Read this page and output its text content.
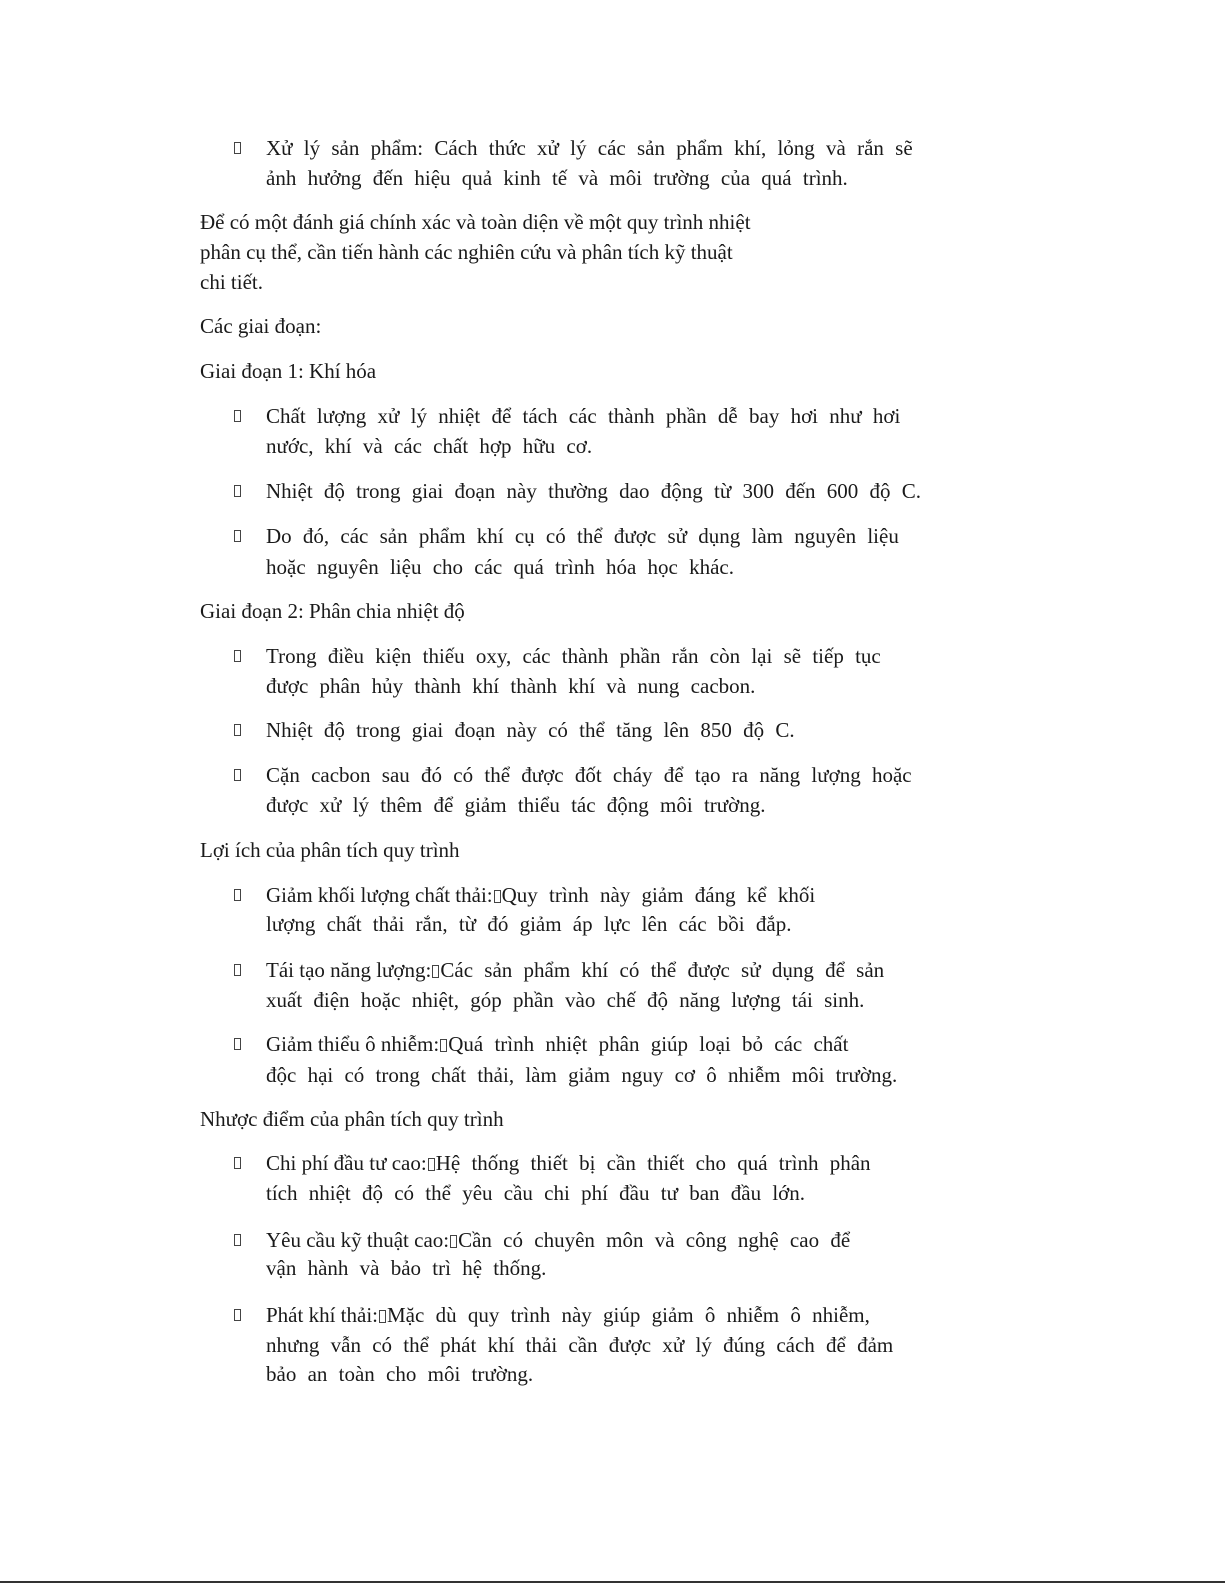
Xử lý sản phẩm: Cách thức xử lý các sản phẩm khí, lỏng và rắn sẽ

ảnh hưởng đến hiệu quả kinh tế và môi trường của quá trình.

Để có một đánh giá chính xác và toàn diện về một quy trình nhiệt

phân cụ thể, cần tiến hành các nghiên cứu và phân tích kỹ thuật

chi tiết.

Các giai đoạn:

Giai đoạn 1: Khí hóa

Chất lượng xử lý nhiệt để tách các thành phần dễ bay hơi như hơi

nước, khí và các chất hợp hữu cơ.

Nhiệt độ trong giai đoạn này thường dao động từ 300 đến 600 độ C.

Do đó, các sản phẩm khí cụ có thể được sử dụng làm nguyên liệu

hoặc nguyên liệu cho các quá trình hóa học khác.

Giai đoạn 2: Phân chia nhiệt độ

Trong điều kiện thiếu oxy, các thành phần rắn còn lại sẽ tiếp tục

được phân hủy thành khí thành khí và nung cacbon.

Nhiệt độ trong giai đoạn này có thể tăng lên 850 độ C.

Cặn cacbon sau đó có thể được đốt cháy để tạo ra năng lượng hoặc

được xử lý thêm để giảm thiểu tác động môi trường.

Lợi ích của phân tích quy trình

Giảm khối lượng chất thải: Quy trình này giảm đáng kể khối

lượng chất thải rắn, từ đó giảm áp lực lên các bồi đắp.

Tái tạo năng lượng: Các sản phẩm khí có thể được sử dụng để sản

xuất điện hoặc nhiệt, góp phần vào chế độ năng lượng tái sinh.

Giảm thiểu ô nhiễm: Quá trình nhiệt phân giúp loại bỏ các chất

độc hại có trong chất thải, làm giảm nguy cơ ô nhiễm môi trường.

Nhược điểm của phân tích quy trình

Chi phí đầu tư cao: Hệ thống thiết bị cần thiết cho quá trình phân

tích nhiệt độ có thể yêu cầu chi phí đầu tư ban đầu lớn.

Yêu cầu kỹ thuật cao: Cần có chuyên môn và công nghệ cao để

vận hành và bảo trì hệ thống.

Phát khí thải: Mặc dù quy trình này giúp giảm ô nhiễm ô nhiễm,

nhưng vẫn có thể phát khí thải cần được xử lý đúng cách để đảm

bảo an toàn cho môi trường.
